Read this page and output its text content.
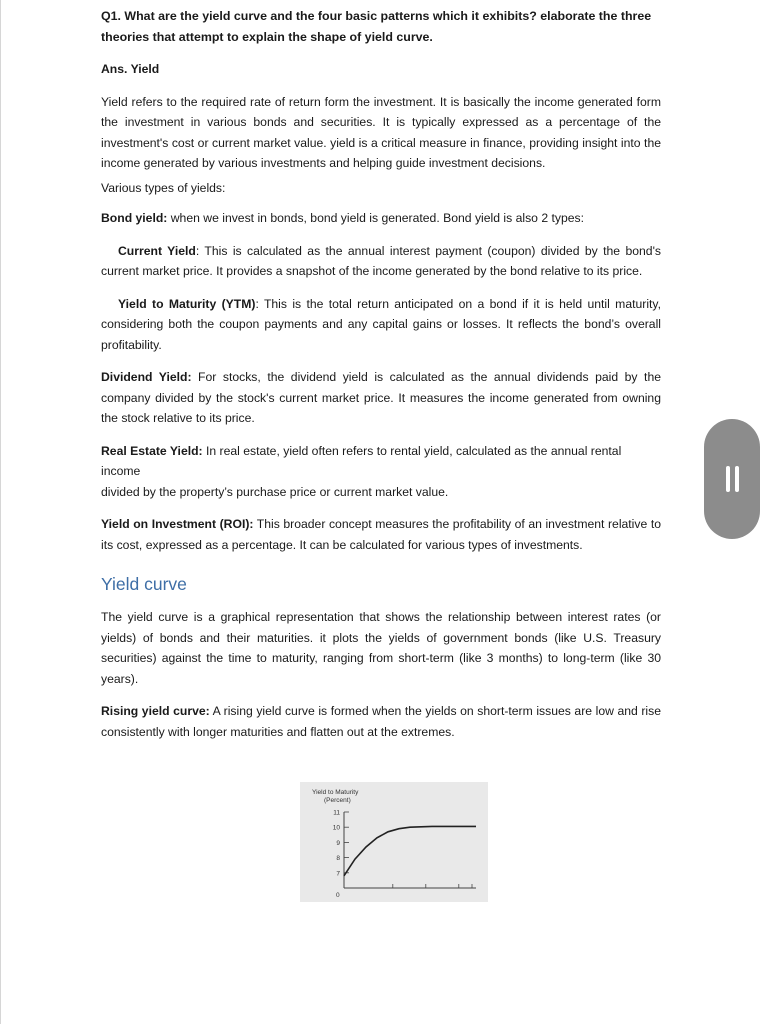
Q1. What are the yield curve and the four basic patterns which it exhibits? elaborate the three theories that attempt to explain the shape of yield curve.

Ans. Yield

Yield refers to the required rate of return form the investment. It is basically the income generated form the investment in various bonds and securities. It is typically expressed as a percentage of the investment's cost or current market value. yield is a critical measure in finance, providing insight into the income generated by various investments and helping guide investment decisions.

Various types of yields:

Bond yield: when we invest in bonds, bond yield is generated. Bond yield is also 2 types:

Current Yield: This is calculated as the annual interest payment (coupon) divided by the bond's current market price. It provides a snapshot of the income generated by the bond relative to its price.

Yield to Maturity (YTM): This is the total return anticipated on a bond if it is held until maturity, considering both the coupon payments and any capital gains or losses. It reflects the bond’s overall profitability.

Dividend Yield: For stocks, the dividend yield is calculated as the annual dividends paid by the company divided by the stock's current market price. It measures the income generated from owning the stock relative to its price.

Real Estate Yield: In real estate, yield often refers to rental yield, calculated as the annual rental
income
divided by the property’s purchase price or current market value.

Yield on Investment (ROI): This broader concept measures the profitability of an investment relative to its cost, expressed as a percentage. It can be calculated for various types of investments.

Yield curve

The yield curve is a graphical representation that shows the relationship between interest rates (or yields) of bonds and their maturities. it plots the yields of government bonds (like U.S. Treasury securities) against the time to maturity, ranging from short-term (like 3 months) to long-term (like 30 years).

Rising yield curve: A rising yield curve is formed when the yields on short-term issues are low and rise consistently with longer maturities and flatten out at the extremes.

Yield to Maturity
(Percent)
11
10
9
8
7
0
